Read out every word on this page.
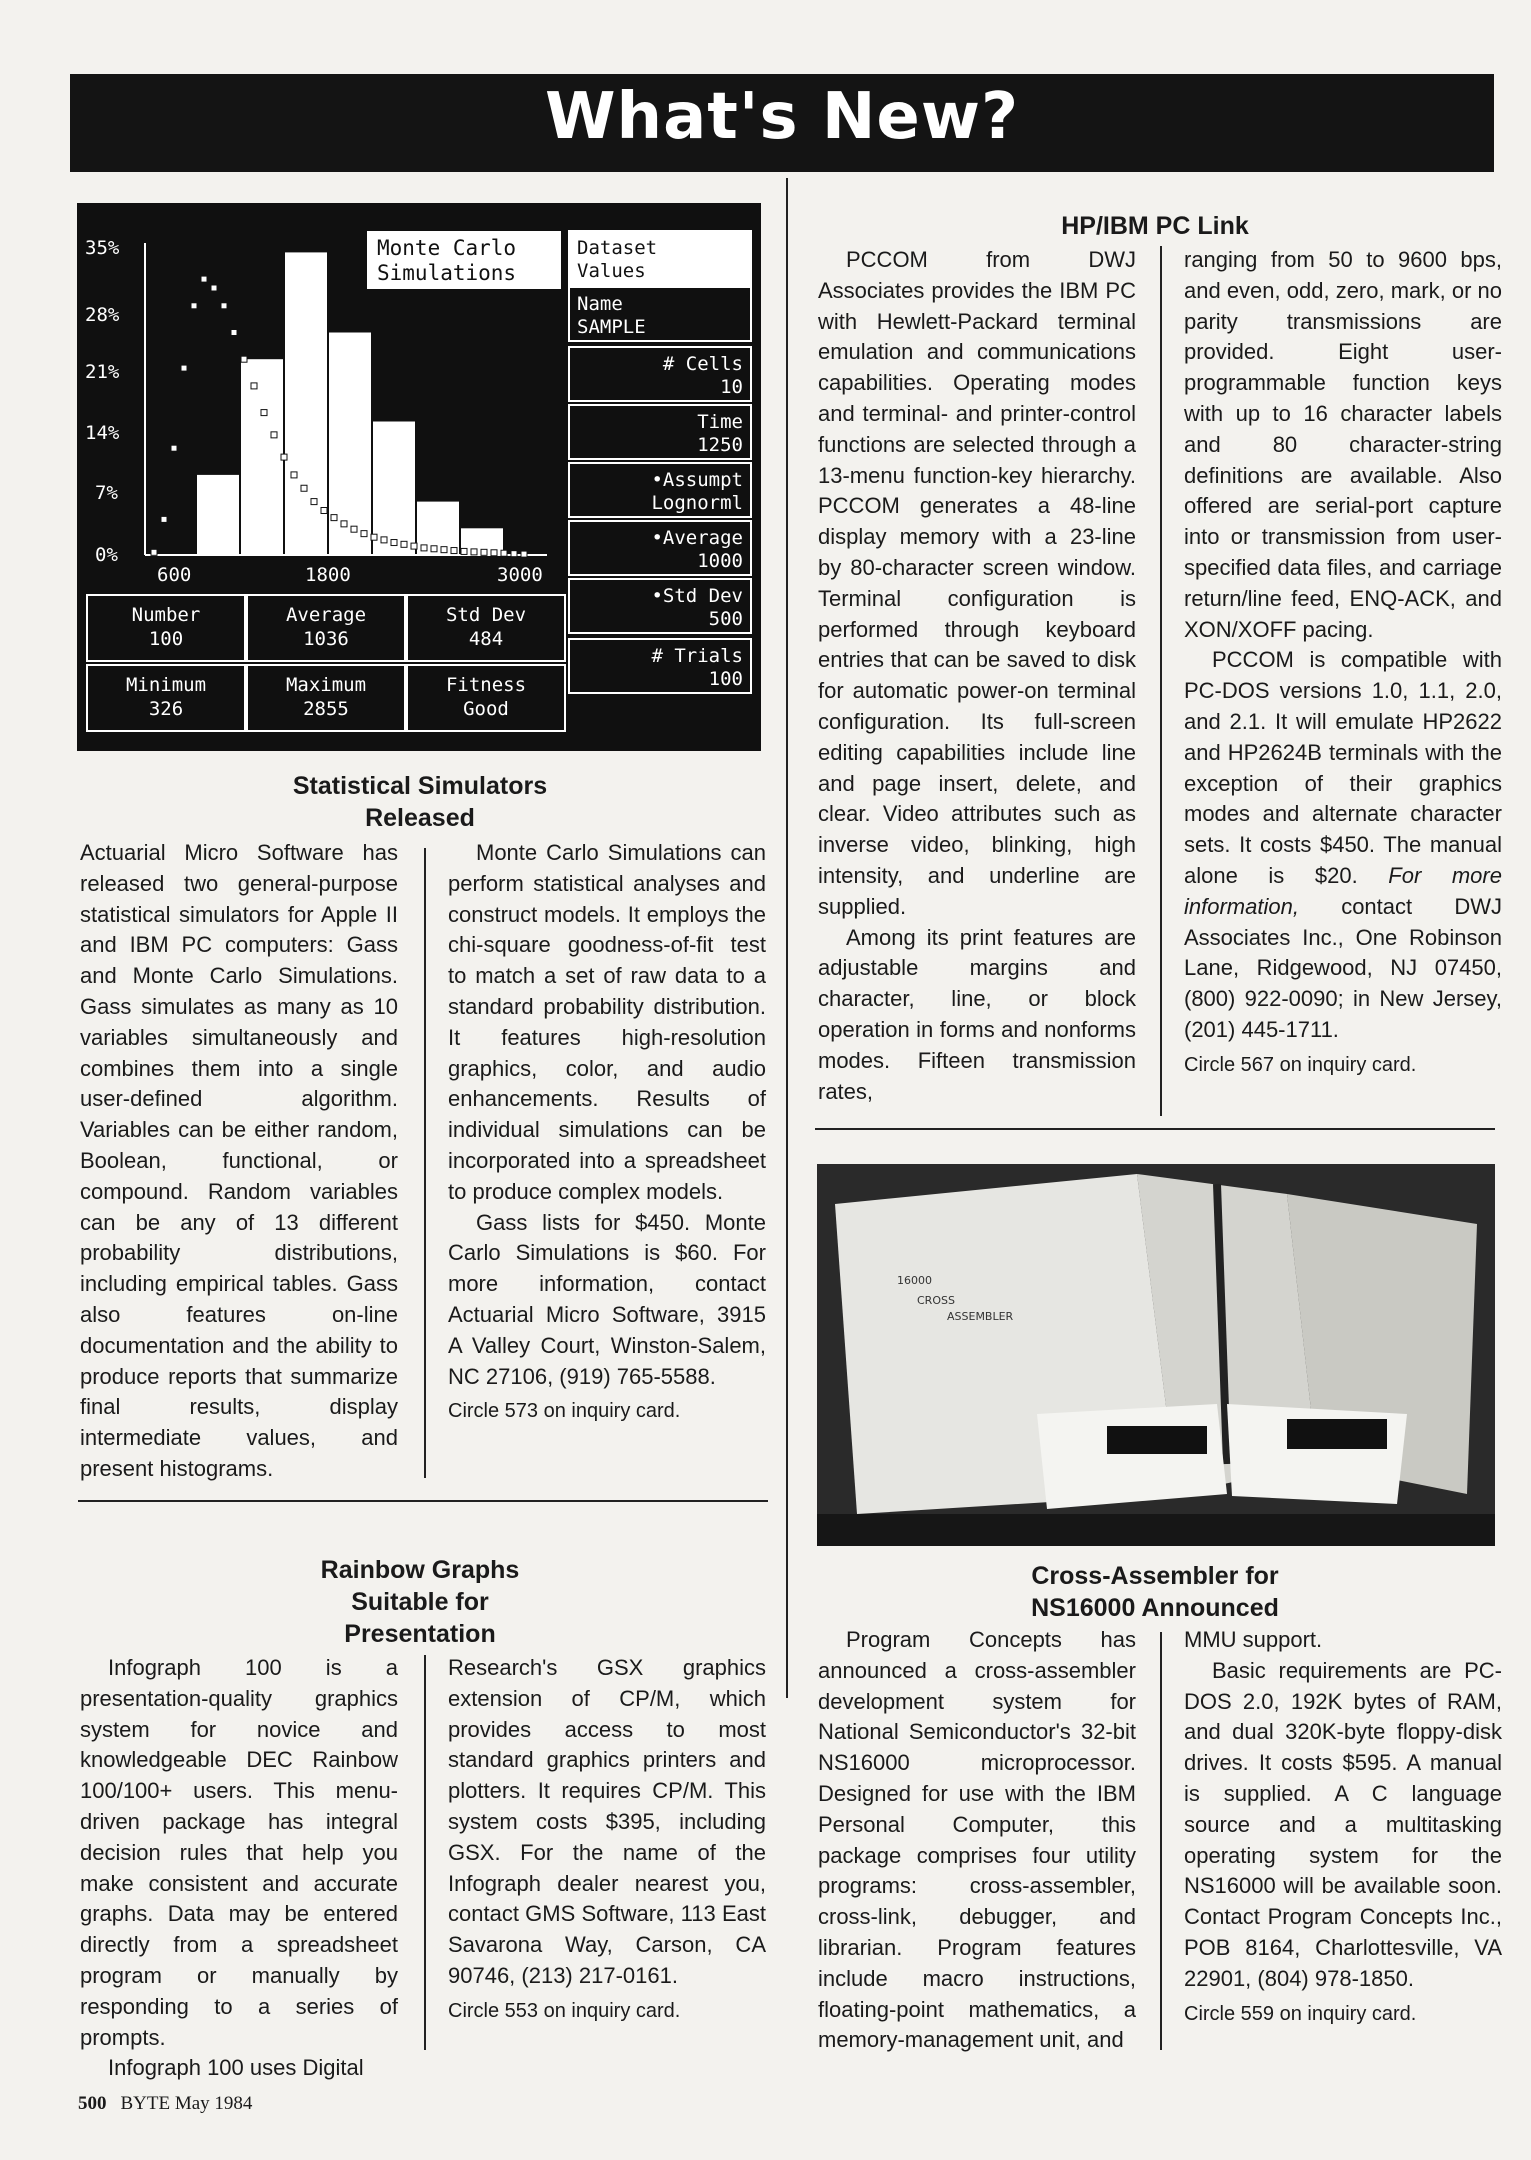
What's New?
35%
28%
21%
14%
7%
0%
600	1800	3000
Monte Carlo
Simulations
Dataset
Values
Name
SAMPLE
# Cells
10
Time
1250
•Assumpt
Lognorml
•Average
1000
•Std Dev
500
# Trials
100
Number
100
Average
1036
Std Dev
484
Minimum
326
Maximum
2855
Fitness
Good
Statistical Simulators
Released

Actuarial Micro Software has released two general-purpose statistical simulators for Apple II and IBM PC computers: Gass and Monte Carlo Simulations. Gass simulates as many as 10 variables simultaneously and combines them into a single user-defined algorithm. Variables can be either random, Boolean, functional, or compound. Random variables can be any of 13 different probability distributions, including empirical tables. Gass also features on-line documentation and the ability to produce reports that summarize final results, display intermediate values, and present histograms.

Monte Carlo Simulations can perform statistical analyses and construct models. It employs the chi-square goodness-of-fit test to match a set of raw data to a standard probability distribution. It features high-resolution graphics, color, and audio enhancements. Results of individual simulations can be incorporated into a spreadsheet to produce complex models.

Gass lists for $450. Monte Carlo Simulations is $60. For more information, contact Actuarial Micro Software, 3915 A Valley Court, Winston-Salem, NC 27106, (919) 765-5588.

Circle 573 on inquiry card.
HP/IBM PC Link

PCCOM from DWJ Associates provides the IBM PC with Hewlett-Packard terminal emulation and communications capabilities. Operating modes and terminal- and printer-control functions are selected through a 13-menu function-key hierarchy. PCCOM generates a 48-line display memory with a 23-line by 80-character screen window. Terminal configuration is performed through keyboard entries that can be saved to disk for automatic power-on terminal configuration. Its full-screen editing capabilities include line and page insert, delete, and clear. Video attributes such as inverse video, blinking, high intensity, and underline are supplied.

Among its print features are adjustable margins and character, line, or block operation in forms and nonforms modes. Fifteen transmission rates,

ranging from 50 to 9600 bps, and even, odd, zero, mark, or no parity transmissions are provided. Eight user-programmable function keys with up to 16 character labels and 80 character-string definitions are available. Also offered are serial-port capture into or transmission from user-specified data files, and carriage return/line feed, ENQ-ACK, and XON/XOFF pacing.

PCCOM is compatible with PC-DOS versions 1.0, 1.1, 2.0, and 2.1. It will emulate HP2622 and HP2624B terminals with the exception of their graphics modes and alternate character sets. It costs $450. The manual alone is $20. For more information, contact DWJ Associates Inc., One Robinson Lane, Ridgewood, NJ 07450, (800) 922-0090; in New Jersey, (201) 445-1711.

Circle 567 on inquiry card.
16000
CROSS
ASSEMBLER
Rainbow Graphs
Suitable for
Presentation

Infograph 100 is a presentation-quality graphics system for novice and knowledgeable DEC Rainbow 100/100+ users. This menu-driven package has integral decision rules that help you make consistent and accurate graphs. Data may be entered directly from a spreadsheet program or manually by responding to a series of prompts.

Infograph 100 uses Digital

Research's GSX graphics extension of CP/M, which provides access to most standard graphics printers and plotters. It requires CP/M. This system costs $395, including GSX. For the name of the Infograph dealer nearest you, contact GMS Software, 113 East Savarona Way, Carson, CA 90746, (213) 217-0161.

Circle 553 on inquiry card.
Cross-Assembler for
NS16000 Announced

Program Concepts has announced a cross-assembler development system for National Semiconductor's 32-bit NS16000 microprocessor. Designed for use with the IBM Personal Computer, this package comprises four utility programs: cross-assembler, cross-link, debugger, and librarian. Program features include macro instructions, floating-point mathematics, a memory-management unit, and

MMU support.

Basic requirements are PC-DOS 2.0, 192K bytes of RAM, and dual 320K-byte floppy-disk drives. It costs $595. A manual is supplied. A C language source and a multitasking operating system for the NS16000 will be available soon. Contact Program Concepts Inc., POB 8164, Charlottesville, VA 22901, (804) 978-1850.

Circle 559 on inquiry card.
500 BYTE May 1984
